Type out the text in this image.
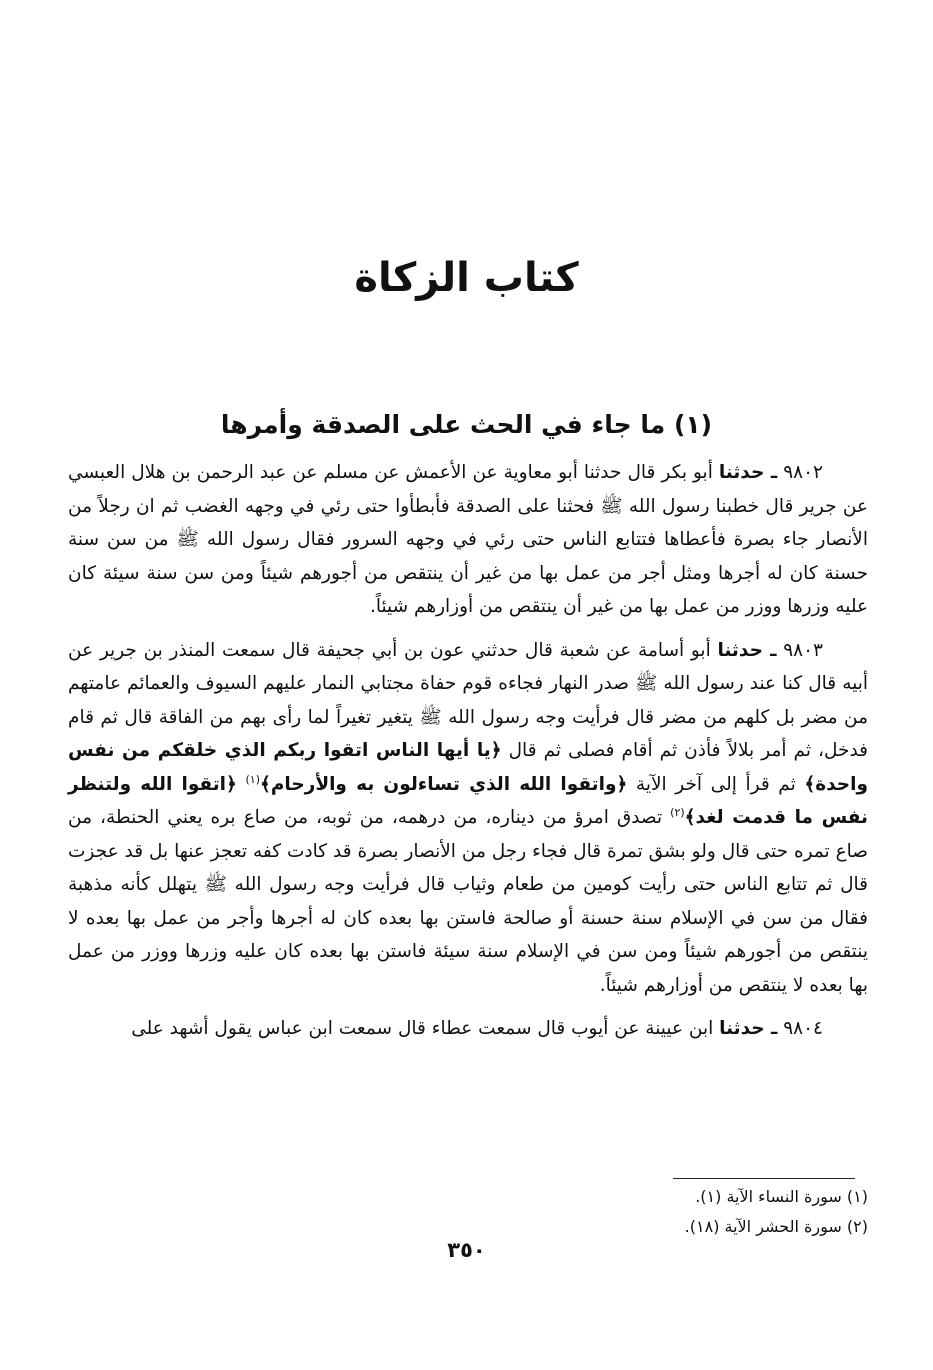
كتاب الزكاة
(١) ما جاء في الحث على الصدقة وأمرها

٩٨٠٢ ـ حدثنا أبو بكر قال حدثنا أبو معاوية عن الأعمش عن مسلم عن عبد الرحمن بن هلال العبسي عن جرير قال خطبنا رسول الله ﷺ فحثنا على الصدقة فأبطأوا حتى رئي في وجهه الغضب ثم ان رجلاً من الأنصار جاء بصرة فأعطاها فتتابع الناس حتى رئي في وجهه السرور فقال رسول الله ﷺ من سن سنة حسنة كان له أجرها ومثل أجر من عمل بها من غير أن ينتقص من أجورهم شيئاً ومن سن سنة سيئة كان عليه وزرها ووزر من عمل بها من غير أن ينتقص من أوزارهم شيئاً.

٩٨٠٣ ـ حدثنا أبو أسامة عن شعبة قال حدثني عون بن أبي جحيفة قال سمعت المنذر بن جرير عن أبيه قال كنا عند رسول الله ﷺ صدر النهار فجاءه قوم حفاة مجتابي النمار عليهم السيوف والعمائم عامتهم من مضر بل كلهم من مضر قال فرأيت وجه رسول الله ﷺ يتغير تغيراً لما رأى بهم من الفاقة قال ثم قام فدخل، ثم أمر بلالاً فأذن ثم أقام فصلى ثم قال ﴿يا أيها الناس اتقوا ربكم الذي خلقكم من نفس واحدة﴾ ثم قرأ إلى آخر الآية ﴿واتقوا الله الذي تساءلون به والأرحام﴾$^{(١)}$ ﴿اتقوا الله ولتنظر نفس ما قدمت لغد﴾$^{(٢)}$ تصدق امرؤ من ديناره، من درهمه، من ثوبه، من صاع بره يعني الحنطة، من صاع تمره حتى قال ولو بشق تمرة قال فجاء رجل من الأنصار بصرة قد كادت كفه تعجز عنها بل قد عجزت قال ثم تتابع الناس حتى رأيت كومين من طعام وثياب قال فرأيت وجه رسول الله ﷺ يتهلل كأنه مذهبة فقال من سن في الإسلام سنة حسنة أو صالحة فاستن بها بعده كان له أجرها وأجر من عمل بها بعده لا ينتقص من أجورهم شيئاً ومن سن في الإسلام سنة سيئة فاستن بها بعده كان عليه وزرها ووزر من عمل بها بعده لا ينتقص من أوزارهم شيئاً.

٩٨٠٤ ـ حدثنا ابن عيينة عن أيوب قال سمعت عطاء قال سمعت ابن عباس يقول أشهد على

(١) سورة النساء الآية (١).
(٢) سورة الحشر الآية (١٨).
٣٥٠
